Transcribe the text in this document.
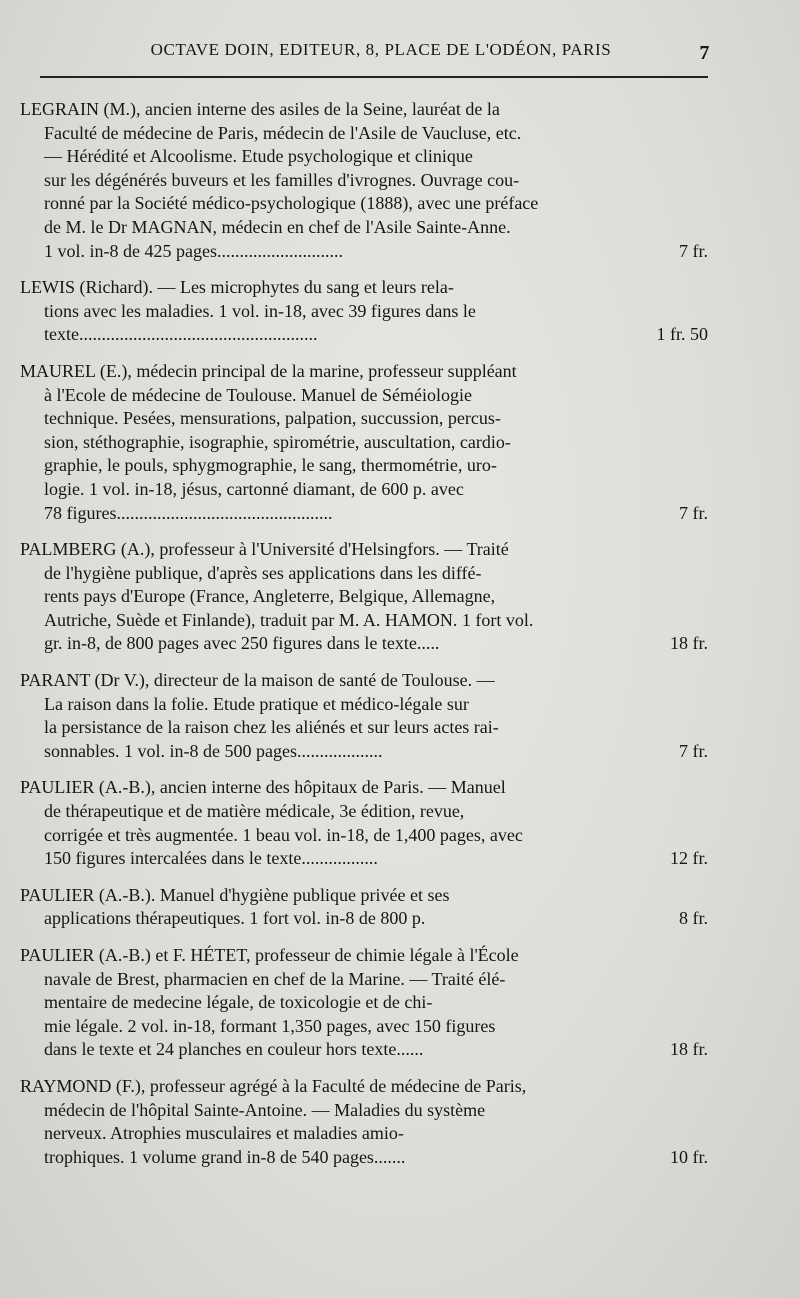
OCTAVE DOIN, EDITEUR, 8, PLACE DE L'ODÉON, PARIS	7
LEGRAIN (M.), ancien interne des asiles de la Seine, lauréat de la
Faculté de médecine de Paris, médecin de l'Asile de Vaucluse, etc.
— Hérédité et Alcoolisme. Etude psychologique et clinique
sur les dégénérés buveurs et les familles d'ivrognes. Ouvrage cou-
ronné par la Société médico-psychologique (1888), avec une préface
de M. le Dr MAGNAN, médecin en chef de l'Asile Sainte-Anne.
1 vol. in-8 de 425 pages............................	7 fr.
LEWIS (Richard). — Les microphytes du sang et leurs rela-
tions avec les maladies. 1 vol. in-18, avec 39 figures dans le
texte.....................................................	1 fr. 50
MAUREL (E.), médecin principal de la marine, professeur suppléant
à l'Ecole de médecine de Toulouse. Manuel de Séméiologie
technique. Pesées, mensurations, palpation, succussion, percus-
sion, stéthographie, isographie, spirométrie, auscultation, cardio-
graphie, le pouls, sphygmographie, le sang, thermométrie, uro-
logie. 1 vol. in-18, jésus, cartonné diamant, de 600 p. avec
78 figures................................................	7 fr.
PALMBERG (A.), professeur à l'Université d'Helsingfors. — Traité
de l'hygiène publique, d'après ses applications dans les diffé-
rents pays d'Europe (France, Angleterre, Belgique, Allemagne,
Autriche, Suède et Finlande), traduit par M. A. HAMON. 1 fort vol.
gr. in-8, de 800 pages avec 250 figures dans le texte.....	18 fr.
PARANT (Dr V.), directeur de la maison de santé de Toulouse. —
La raison dans la folie. Etude pratique et médico-légale sur
la persistance de la raison chez les aliénés et sur leurs actes rai-
sonnables. 1 vol. in-8 de 500 pages...................	7 fr.
PAULIER (A.-B.), ancien interne des hôpitaux de Paris. — Manuel
de thérapeutique et de matière médicale, 3e édition, revue,
corrigée et très augmentée. 1 beau vol. in-18, de 1,400 pages, avec
150 figures intercalées dans le texte.................	12 fr.
PAULIER (A.-B.). Manuel d'hygiène publique privée et ses
applications thérapeutiques. 1 fort vol. in-8 de 800 p.	8 fr.
PAULIER (A.-B.) et F. HÉTET, professeur de chimie légale à l'École
navale de Brest, pharmacien en chef de la Marine. — Traité élé-
mentaire de medecine légale, de toxicologie et de chi-
mie légale. 2 vol. in-18, formant 1,350 pages, avec 150 figures
dans le texte et 24 planches en couleur hors texte......	18 fr.
RAYMOND (F.), professeur agrégé à la Faculté de médecine de Paris,
médecin de l'hôpital Sainte-Antoine. — Maladies du système
nerveux. Atrophies musculaires et maladies amio-
trophiques. 1 volume grand in-8 de 540 pages.......	10 fr.
